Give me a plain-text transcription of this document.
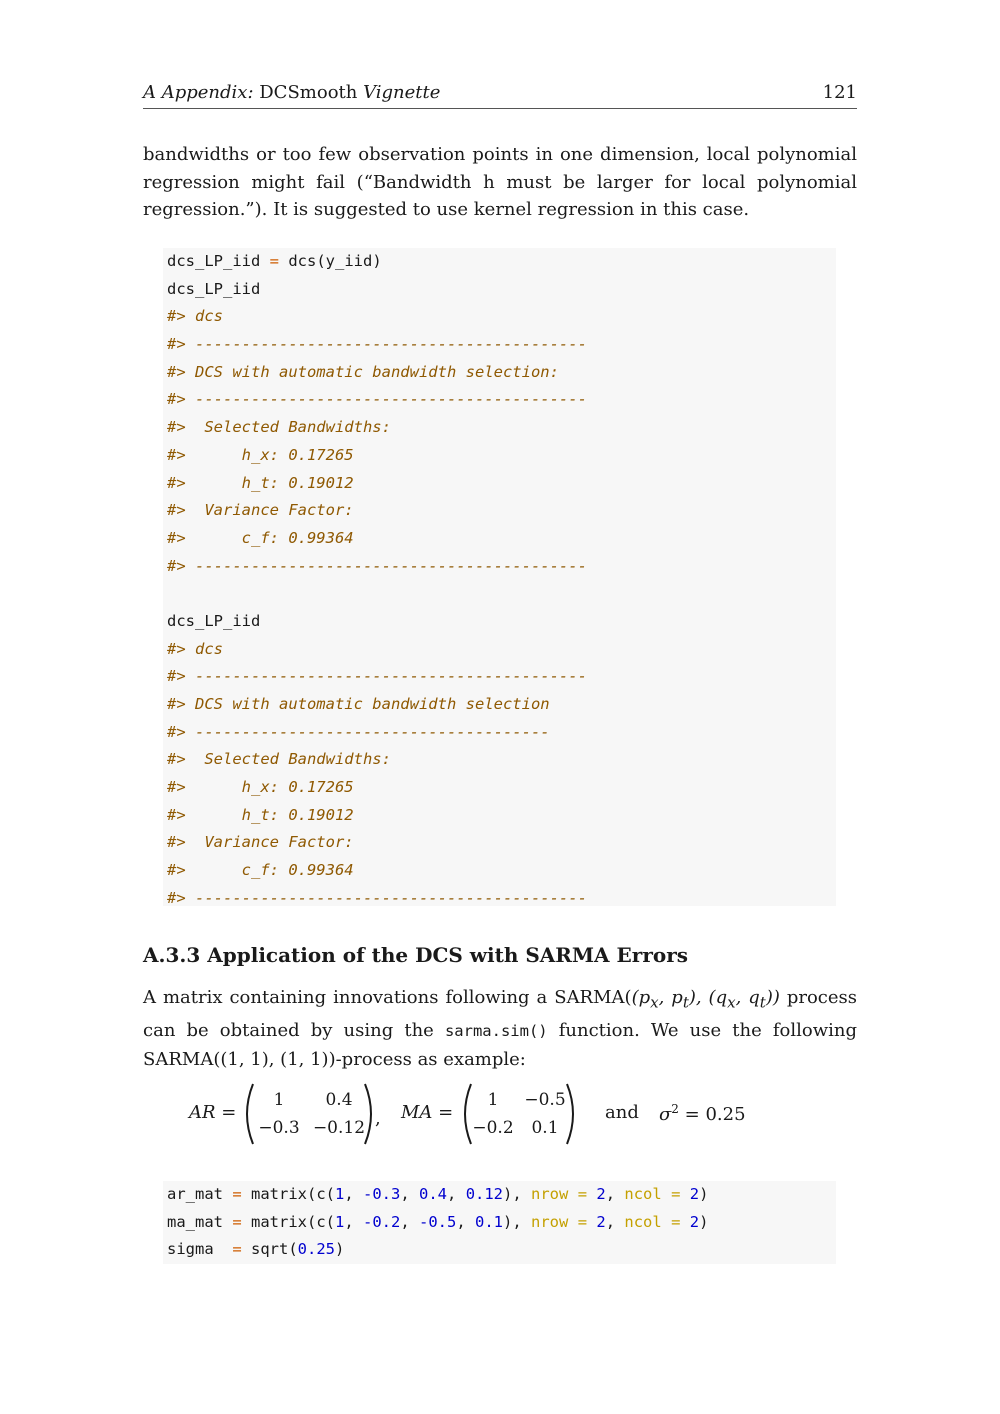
A Appendix: DCSmooth Vignette	121
bandwidths or too few observation points in one dimension, local polynomial regression might fail (“Bandwidth h must be larger for local polynomial regression.”). It is suggested to use kernel regression in this case.
dcs_LP_iid = dcs(y_iid)
dcs_LP_iid
#> dcs
#> ------------------------------------------
#> DCS with automatic bandwidth selection:
#> ------------------------------------------
#>  Selected Bandwidths:
#>      h_x: 0.17265
#>      h_t: 0.19012
#>  Variance Factor:
#>      c_f: 0.99364
#> ------------------------------------------
dcs_LP_iid
#> dcs
#> ------------------------------------------
#> DCS with automatic bandwidth selection
#> --------------------------------------
#>  Selected Bandwidths:
#>      h_x: 0.17265
#>      h_t: 0.19012
#>  Variance Factor:
#>      c_f: 0.99364
#> ------------------------------------------
A.3.3 Application of the DCS with SARMA Errors
A matrix containing innovations following a $SARMA((p_x$, $p_t$), ($q_x$, $q_t$)) process can be obtained by using the sarma.sim() function. We use the following SARMA((1, 1), (1, 1))-process as example:
AR =
1	0.4
−0.3 −0.12 , MA =
1	−0.5
−0.2	0.1
and $\sigma^2 = 0.25$
ar_mat = matrix(c(1, -0.3, 0.4, 0.12), nrow = 2, ncol = 2)
ma_mat = matrix(c(1, -0.2, -0.5, 0.1), nrow = 2, ncol = 2)
sigma  = sqrt(0.25)
